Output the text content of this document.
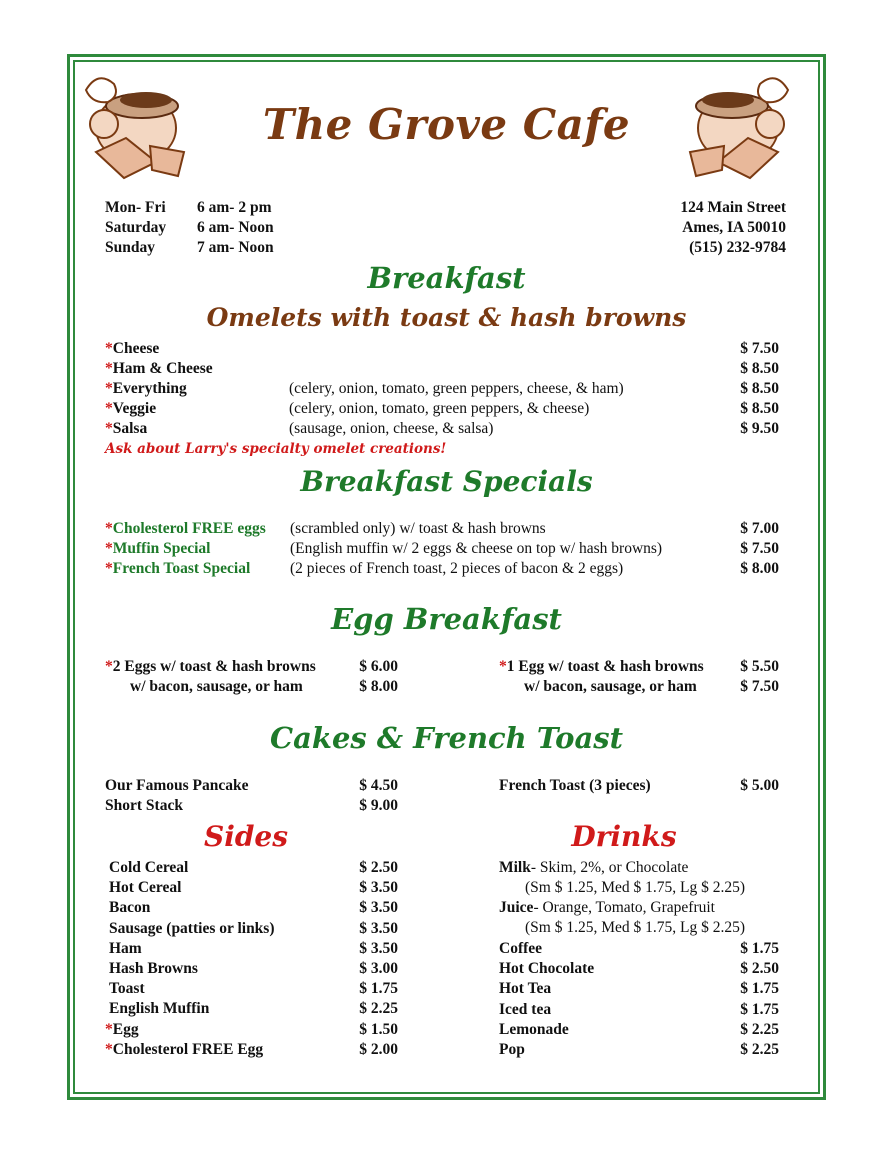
The Grove Cafe
Mon- Fri 6 am- 2 pm
Saturday 6 am- Noon
Sunday	7 am- Noon
124 Main Street
Ames, IA 50010
(515) 232-9784
Breakfast
Omelets with toast & hash browns
*Cheese	$ 7.50
*Ham & Cheese	$ 8.50
*Everything	(celery, onion, tomato, green peppers, cheese, & ham)	$ 8.50
*Veggie	(celery, onion, tomato, green peppers, & cheese)	$ 8.50
*Salsa	(sausage, onion, cheese, & salsa)	$ 9.50
Ask about Larry's specialty omelet creations!
Breakfast Specials
*Cholesterol FREE eggs (scrambled only) w/ toast & hash browns	$ 7.00
*Muffin Special	(English muffin w/ 2 eggs & cheese on top w/ hash browns)	$ 7.50
*French Toast Special	(2 pieces of French toast, 2 pieces of bacon & 2 eggs)	$ 8.00
Egg Breakfast
*2 Eggs w/ toast & hash browns	$ 6.00
w/ bacon, sausage, or ham	$ 8.00
*1 Egg w/ toast & hash browns	$ 5.50
w/ bacon, sausage, or ham	$ 7.50
Cakes & French Toast
Our Famous Pancake	$ 4.50
Short Stack	$ 9.00
French Toast (3 pieces)	$ 5.00
Sides	Drinks
Cold Cereal	$ 2.50
Hot Cereal	$ 3.50
Bacon	$ 3.50
Sausage (patties or links)	$ 3.50
Ham	$ 3.50
Hash Browns	$ 3.00
Toast	$ 1.75
English Muffin	$ 2.25
*Egg	$ 1.50
*Cholesterol FREE Egg	$ 2.00
Milk- Skim, 2%, or Chocolate
(Sm $ 1.25, Med $ 1.75, Lg $ 2.25)
Juice- Orange, Tomato, Grapefruit
(Sm $ 1.25, Med $ 1.75, Lg $ 2.25)
Coffee	$ 1.75
Hot Chocolate	$ 2.50
Hot Tea	$ 1.75
Iced tea	$ 1.75
Lemonade	$ 2.25
Pop	$ 2.25
